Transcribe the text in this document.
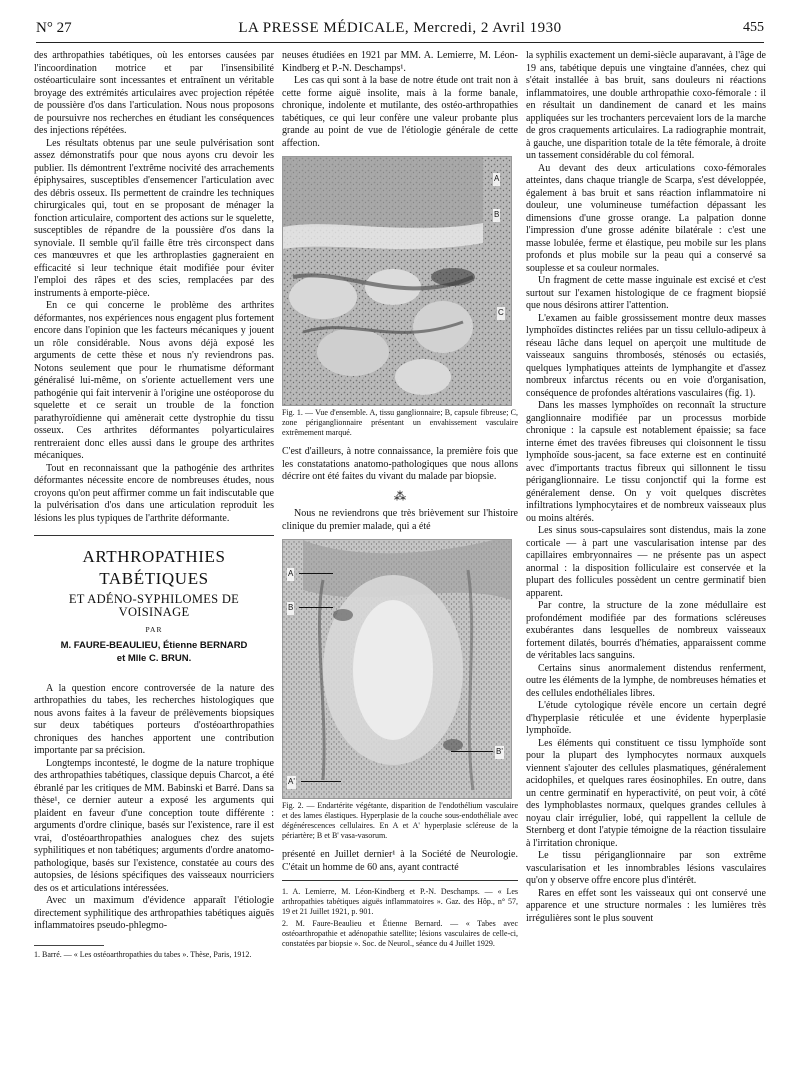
LA PRESSE MÉDICALE, Mercredi, 2 Avril 1930
N° 27	455

des arthropathies tabétiques, où les entorses causées par l'incoordination motrice et par l'insensibilité ostéoarticulaire sont incessantes et entraînent un véritable broyage des extrémités articulaires avec projection répétée de poussière d'os dans l'articulation. Nous nous proposons de poursuivre nos recherches en étudiant les conséquences des injections répétées.

Les résultats obtenus par une seule pulvérisation sont assez démonstratifs pour que nous ayons cru devoir les publier. Ils démontrent l'extrême nocivité des arrachements épiphysaires, susceptibles d'ensemencer l'articulation avec des débris osseux. Ils permettent de craindre les techniques chirurgicales qui, tout en se proposant de ménager la fonction articulaire, comportent des actions sur le squelette, susceptibles de répandre de la poussière d'os dans la synoviale. Il semble qu'il faille être très circonspect dans ces manœuvres et que les arthroplasties gagneraient en efficacité si leur technique était modifiée pour éviter l'emploi des râpes et des scies, remplacées par des instruments à emporte-pièce.

En ce qui concerne le problème des arthrites déformantes, nos expériences nous engagent plus fortement encore dans l'opinion que les facteurs mécaniques y jouent un rôle considérable. Nous avons déjà exposé les arguments de cette thèse et nous n'y reviendrons pas. Notons seulement que pour le rhumatisme déformant généralisé lui-même, on s'oriente actuellement vers une pathogénie qui fait intervenir à l'origine une ostéoporose du squelette et ce serait un trouble de la fonction parathyroïdienne qui amènerait cette dystrophie du tissu osseux. Ces arthrites déformantes polyarticulaires rentreraient donc elles aussi dans le groupe des arthrites mécaniques.

Tout en reconnaissant que la pathogénie des arthrites déformantes nécessite encore de nombreuses études, nous croyons qu'on peut affirmer comme un fait indiscutable que la pulvérisation d'os dans une articulation reproduit les lésions les plus typiques de l'arthrite déformante.

ARTHROPATHIES TABÉTIQUES
ET ADÉNO-SYPHILOMES DE VOISINAGE
PAR
M. FAURE-BEAULIEU, Étienne BERNARD
et Mlle C. BRUN.

A la question encore controversée de la nature des arthropathies du tabes, les recherches histologiques que nous avons faites à la faveur de prélèvements biopsiques sur deux tabétiques porteurs d'ostéoarthropathies chroniques des hanches apportent une contribution importante par sa précision.

Longtemps incontesté, le dogme de la nature trophique des arthropathies tabétiques, classique depuis Charcot, a été ébranlé par les critiques de MM. Babinski et Barré. Dans sa thèse¹, ce dernier auteur a exposé les arguments qui plaident en faveur d'une conception toute différente : arguments d'ordre clinique, basés sur l'existence, rare il est vrai, d'ostéoarthropathies analogues chez des sujets syphilitiques et non tabétiques; arguments d'ordre anatomo-pathologique, basés sur l'existence, constatée au cours des autopsies, de lésions spécifiques des vaisseaux nourriciers des os et articulations intéressées.

Avec un maximum d'évidence apparaît l'étiologie directement syphilitique des arthropathies tabétiques aiguës inflammatoires pseudo-phlegmo-

1. Barré. — « Les ostéoarthropathies du tabes ». Thèse, Paris, 1912.

neuses étudiées en 1921 par MM. A. Lemierre, M. Léon-Kindberg et P.-N. Deschamps¹.

Les cas qui sont à la base de notre étude ont trait non à cette forme aiguë insolite, mais à la forme banale, chronique, indolente et mutilante, des ostéo-arthropathies tabétiques, ce qui leur confère une valeur probante plus grande au point de vue de l'étiologie générale de cette affection.

A
B
C
Fig. 1. — Vue d'ensemble. A, tissu ganglionnaire; B, capsule fibreuse; C, zone périganglionnaire présentant un envahissement vasculaire extrêmement marqué.

C'est d'ailleurs, à notre connaissance, la première fois que les constatations anatomo-pathologiques que nous allons décrire ont été faites du vivant du malade par biopsie.

⁂

Nous ne reviendrons que très brièvement sur l'histoire clinique du premier malade, qui a été

A
B
A'
B'
Fig. 2. — Endartérite végétante, disparition de l'endothélium vasculaire et des lames élastiques. Hyperplasie de la couche sous-endothéliale avec dégénérescences cellulaires. En A et A' hyperplasie scléreuse de la périartère; B et B' vasa-vasorum.

présenté en Juillet dernier¹ à la Société de Neurologie. C'était un homme de 60 ans, ayant contracté

1. A. Lemierre, M. Léon-Kindberg et P.-N. Deschamps. — « Les arthropathies tabétiques aiguës inflammatoires ». Gaz. des Hôp., n° 57, 19 et 21 Juillet 1921, p. 901.

2. M. Faure-Beaulieu et Étienne Bernard. — « Tabes avec ostéoarthropathie et adénopathie satellite; lésions vasculaires de celle-ci, constatées par biopsie ». Soc. de Neurol., séance du 4 Juillet 1929.

la syphilis exactement un demi-siècle auparavant, à l'âge de 19 ans, tabétique depuis une vingtaine d'années, chez qui s'était installée à bas bruit, sans douleurs ni réactions inflammatoires, une double arthropathie coxo-fémorale : il en résultait un dandinement de canard et les mains appliquées sur les trochanters percevaient lors de la marche de gros craquements articulaires. La radiographie montrait, à gauche, une disparition totale de la tête fémorale, à droite un tassement considérable du col fémoral.

Au devant des deux articulations coxo-fémorales atteintes, dans chaque triangle de Scarpa, s'est développée, également à bas bruit et sans réaction inflammatoire ni douleur, une volumineuse tuméfaction dépassant les dimensions d'une grosse orange. La palpation donne l'impression d'une grosse adénite bilatérale : c'est une masse lobulée, ferme et élastique, peu mobile sur les plans profonds et plus mobile sur la peau qui a conservé sa souplesse et sa couleur normales.

Un fragment de cette masse inguinale est excisé et c'est surtout sur l'examen histologique de ce fragment biopsié que nous désirons attirer l'attention.

L'examen au faible grossissement montre deux masses lymphoïdes distinctes reliées par un tissu cellulo-adipeux à réseau lâche dans lequel on aperçoit une multitude de vaisseaux sanguins thrombosés, sténosés ou ectasiés, quelques lymphatiques atteints de lymphangite et d'assez nombreux infarctus récents ou en voie d'organisation, conséquence de profondes altérations vasculaires (fig. 1).

Dans les masses lymphoïdes on reconnaît la structure ganglionnaire modifiée par un processus morbide chronique : la capsule est notablement épaissie; sa face interne émet des travées fibreuses qui cloisonnent le tissu lymphoïde sous-jacent, sa face externe est en continuité avec d'importants tractus fibreux qui sillonnent le tissu périganglionnaire. Le tissu conjonctif qui la forme est généralement dense. On y voit quelques discrètes infiltrations lymphocytaires et de nombreux vaisseaux plus ou moins altérés.

Les sinus sous-capsulaires sont distendus, mais la zone corticale — à part une vascularisation intense par des capillaires embryonnaires — ne présente pas un aspect anormal : la disposition folliculaire est conservée et la plupart des follicules possèdent un centre germinatif bien apparent.

Par contre, la structure de la zone médullaire est profondément modifiée par des formations scléreuses exubérantes dans lesquelles de nombreux vaisseaux fortement dilatés, bourrés d'hématies, apparaissent comme de véritables lacs sanguins.

Certains sinus anormalement distendus renferment, outre les éléments de la lymphe, de nombreuses hématies et des cellules endothéliales libres.

L'étude cytologique révèle encore un certain degré d'hyperplasie réticulée et une évidente hyperplasie lymphoïde.

Les éléments qui constituent ce tissu lymphoïde sont pour la plupart des lymphocytes normaux auxquels viennent s'ajouter des cellules plasmatiques, généralement acidophiles, et quelques rares éosinophiles. En outre, dans un centre germinatif en hyperactivité, on peut voir, à côté des lymphoblastes normaux, quelques grandes cellules à noyau clair irrégulier, lobé, qui rappellent la cellule de Sternberg et dont l'atypie témoigne de la réaction tissulaire à l'irritation chronique.

Le tissu périganglionnaire par son extrême vascularisation et les innombrables lésions vasculaires qu'on y observe offre encore plus d'intérêt.

Rares en effet sont les vaisseaux qui ont conservé une apparence et une structure normales : les lumières très irrégulières sont le plus souvent
